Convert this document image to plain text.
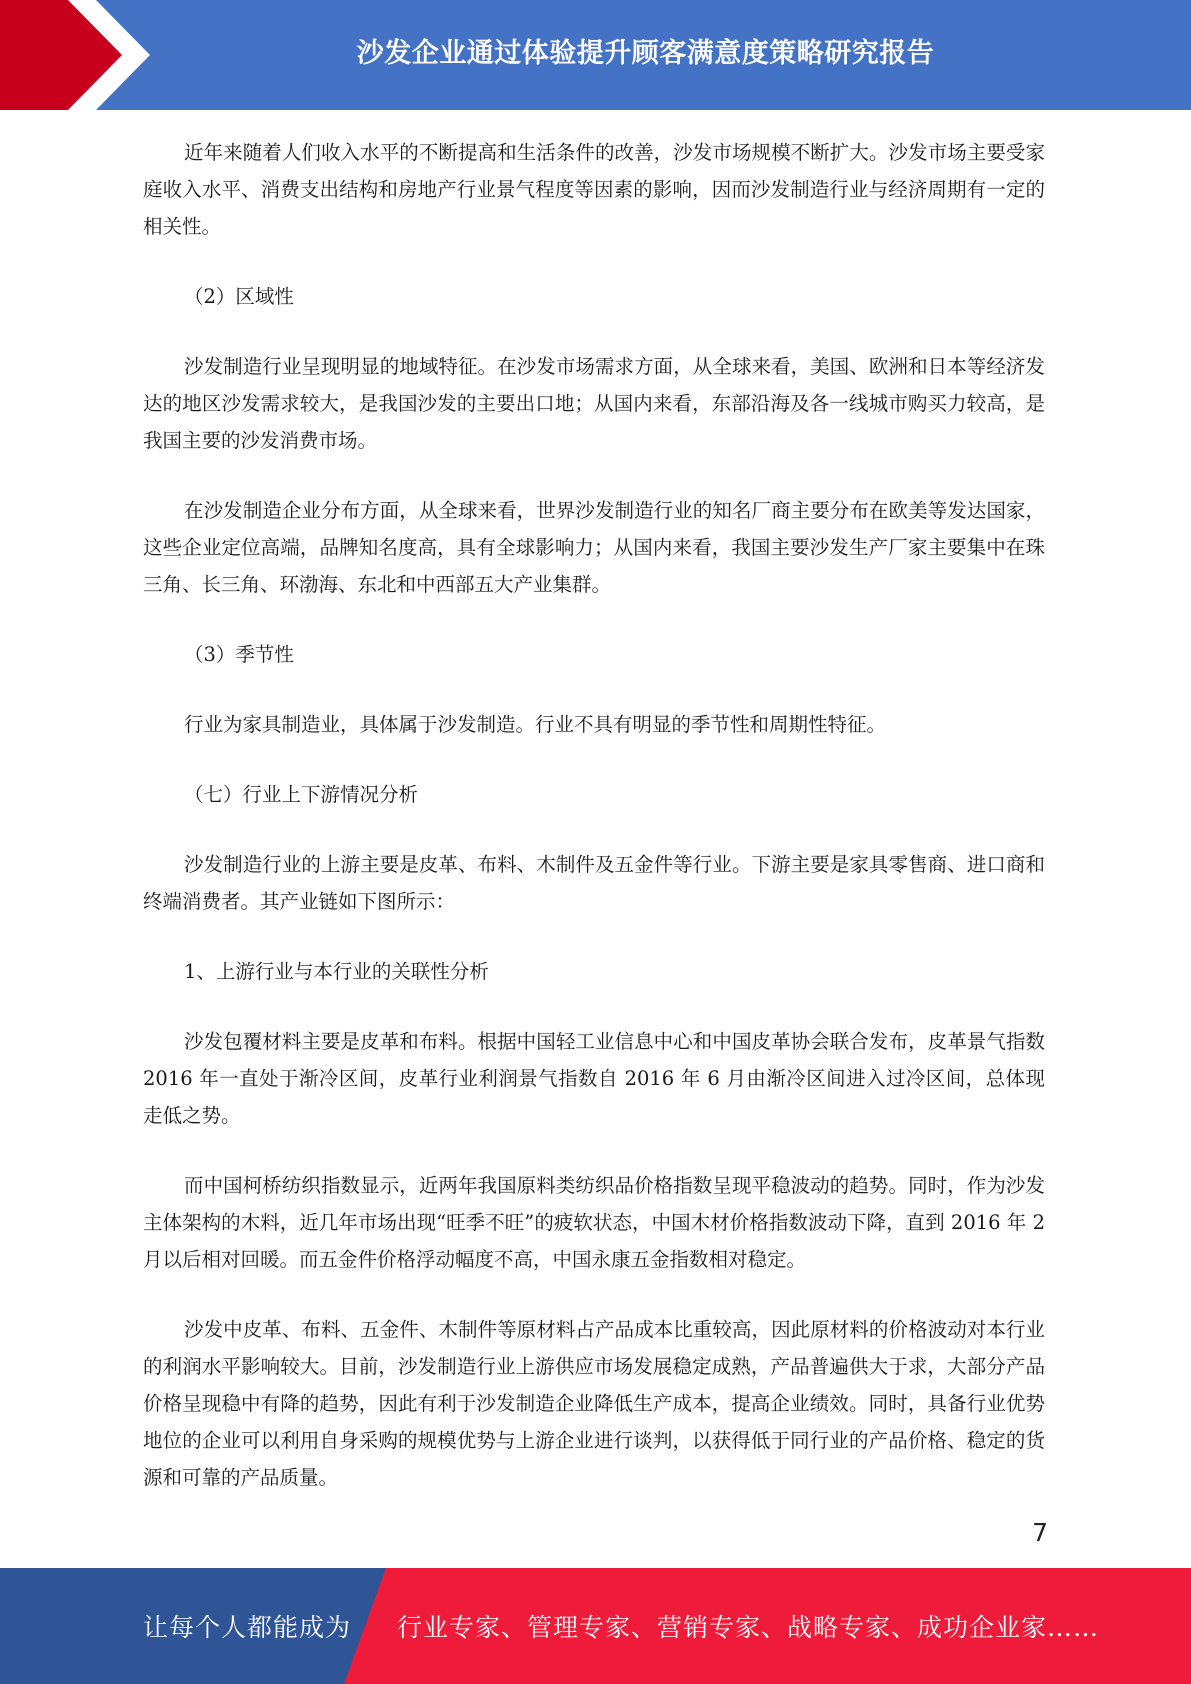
沙发企业通过体验提升顾客满意度策略研究报告

近年来随着人们收入水平的不断提高和生活条件的改善，沙发市场规模不断扩大。沙发市场主要受家庭收入水平、消费支出结构和房地产行业景气程度等因素的影响，因而沙发制造行业与经济周期有一定的相关性。

（2）区域性

沙发制造行业呈现明显的地域特征。在沙发市场需求方面，从全球来看，美国、欧洲和日本等经济发达的地区沙发需求较大，是我国沙发的主要出口地；从国内来看，东部沿海及各一线城市购买力较高，是我国主要的沙发消费市场。

在沙发制造企业分布方面，从全球来看，世界沙发制造行业的知名厂商主要分布在欧美等发达国家，这些企业定位高端，品牌知名度高，具有全球影响力；从国内来看，我国主要沙发生产厂家主要集中在珠三角、长三角、环渤海、东北和中西部五大产业集群。

（3）季节性

行业为家具制造业，具体属于沙发制造。行业不具有明显的季节性和周期性特征。

（七）行业上下游情况分析

沙发制造行业的上游主要是皮革、布料、木制件及五金件等行业。下游主要是家具零售商、进口商和终端消费者。其产业链如下图所示：

1、上游行业与本行业的关联性分析

沙发包覆材料主要是皮革和布料。根据中国轻工业信息中心和中国皮革协会联合发布，皮革景气指数 2016 年一直处于渐冷区间，皮革行业利润景气指数自 2016 年 6 月由渐冷区间进入过冷区间，总体现走低之势。

而中国柯桥纺织指数显示，近两年我国原料类纺织品价格指数呈现平稳波动的趋势。同时，作为沙发主体架构的木料，近几年市场出现“旺季不旺”的疲软状态，中国木材价格指数波动下降，直到 2016 年 2 月以后相对回暖。而五金件价格浮动幅度不高，中国永康五金指数相对稳定。

沙发中皮革、布料、五金件、木制件等原材料占产品成本比重较高，因此原材料的价格波动对本行业的利润水平影响较大。目前，沙发制造行业上游供应市场发展稳定成熟，产品普遍供大于求，大部分产品价格呈现稳中有降的趋势，因此有利于沙发制造企业降低生产成本，提高企业绩效。同时，具备行业优势地位的企业可以利用自身采购的规模优势与上游企业进行谈判，以获得低于同行业的产品价格、稳定的货源和可靠的产品质量。

7
让每个人都能成为 行业专家、管理专家、营销专家、战略专家、成功企业家……
